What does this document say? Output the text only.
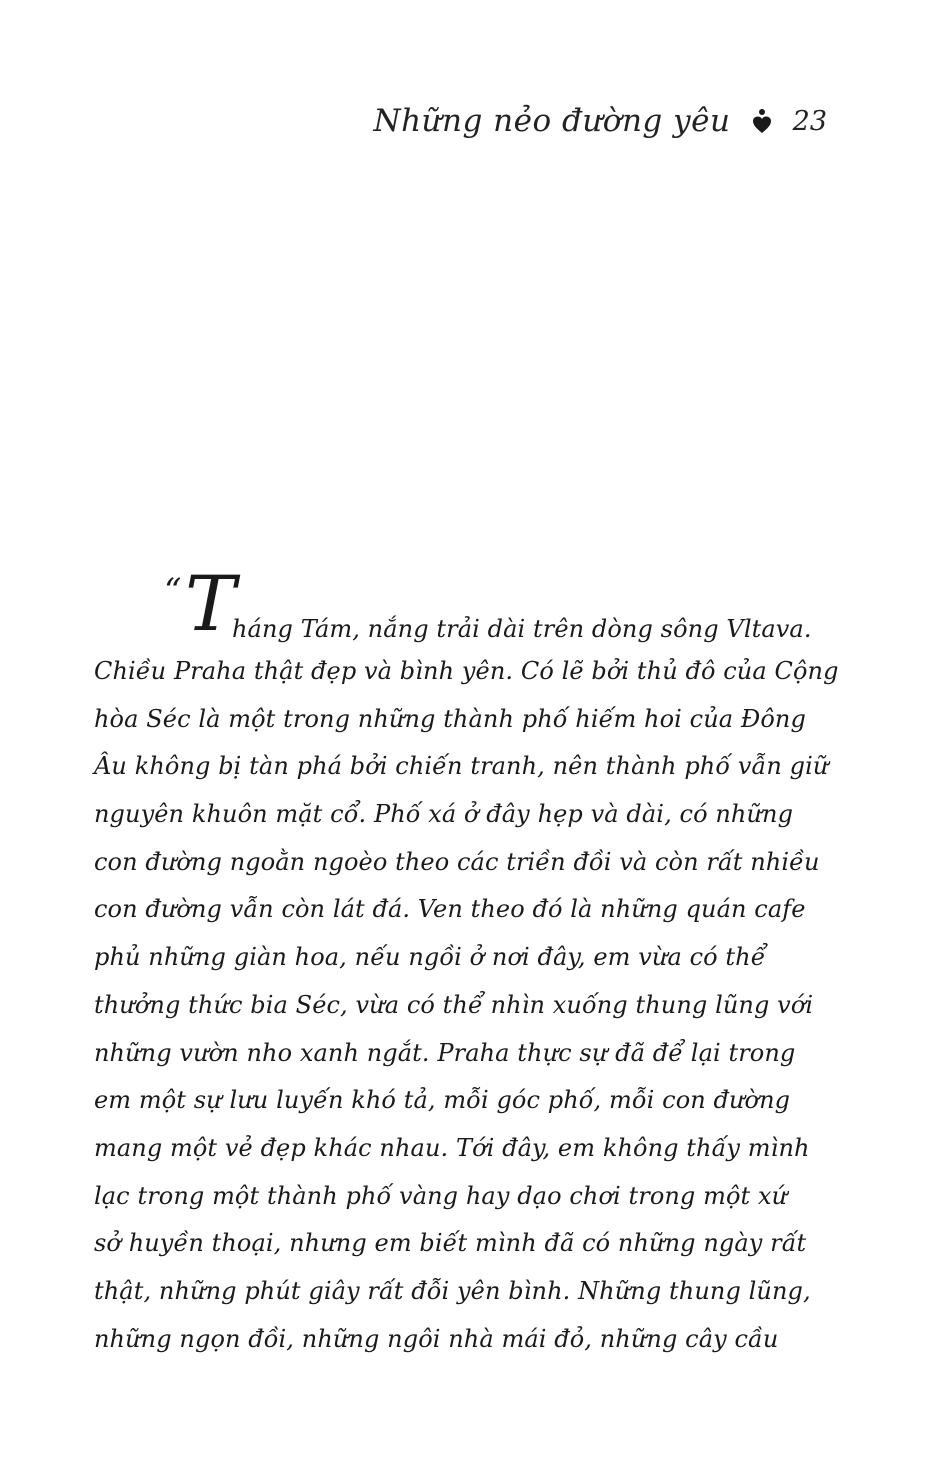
Những nẻo đường yêu 23
“ T
háng Tám, nắng trải dài trên dòng sông Vltava.
Chiều Praha thật đẹp và bình yên. Có lẽ bởi thủ đô của Cộng
hòa Séc là một trong những thành phố hiếm hoi của Đông
Âu không bị tàn phá bởi chiến tranh, nên thành phố vẫn giữ
nguyên khuôn mặt cổ. Phố xá ở đây hẹp và dài, có những
con đường ngoằn ngoèo theo các triền đồi và còn rất nhiều
con đường vẫn còn lát đá. Ven theo đó là những quán cafe
phủ những giàn hoa, nếu ngồi ở nơi đây, em vừa có thể
thưởng thức bia Séc, vừa có thể nhìn xuống thung lũng với
những vườn nho xanh ngắt. Praha thực sự đã để lại trong
em một sự lưu luyến khó tả, mỗi góc phố, mỗi con đường
mang một vẻ đẹp khác nhau. Tới đây, em không thấy mình
lạc trong một thành phố vàng hay dạo chơi trong một xứ
sở huyền thoại, nhưng em biết mình đã có những ngày rất
thật, những phút giây rất đỗi yên bình. Những thung lũng,
những ngọn đồi, những ngôi nhà mái đỏ, những cây cầu
